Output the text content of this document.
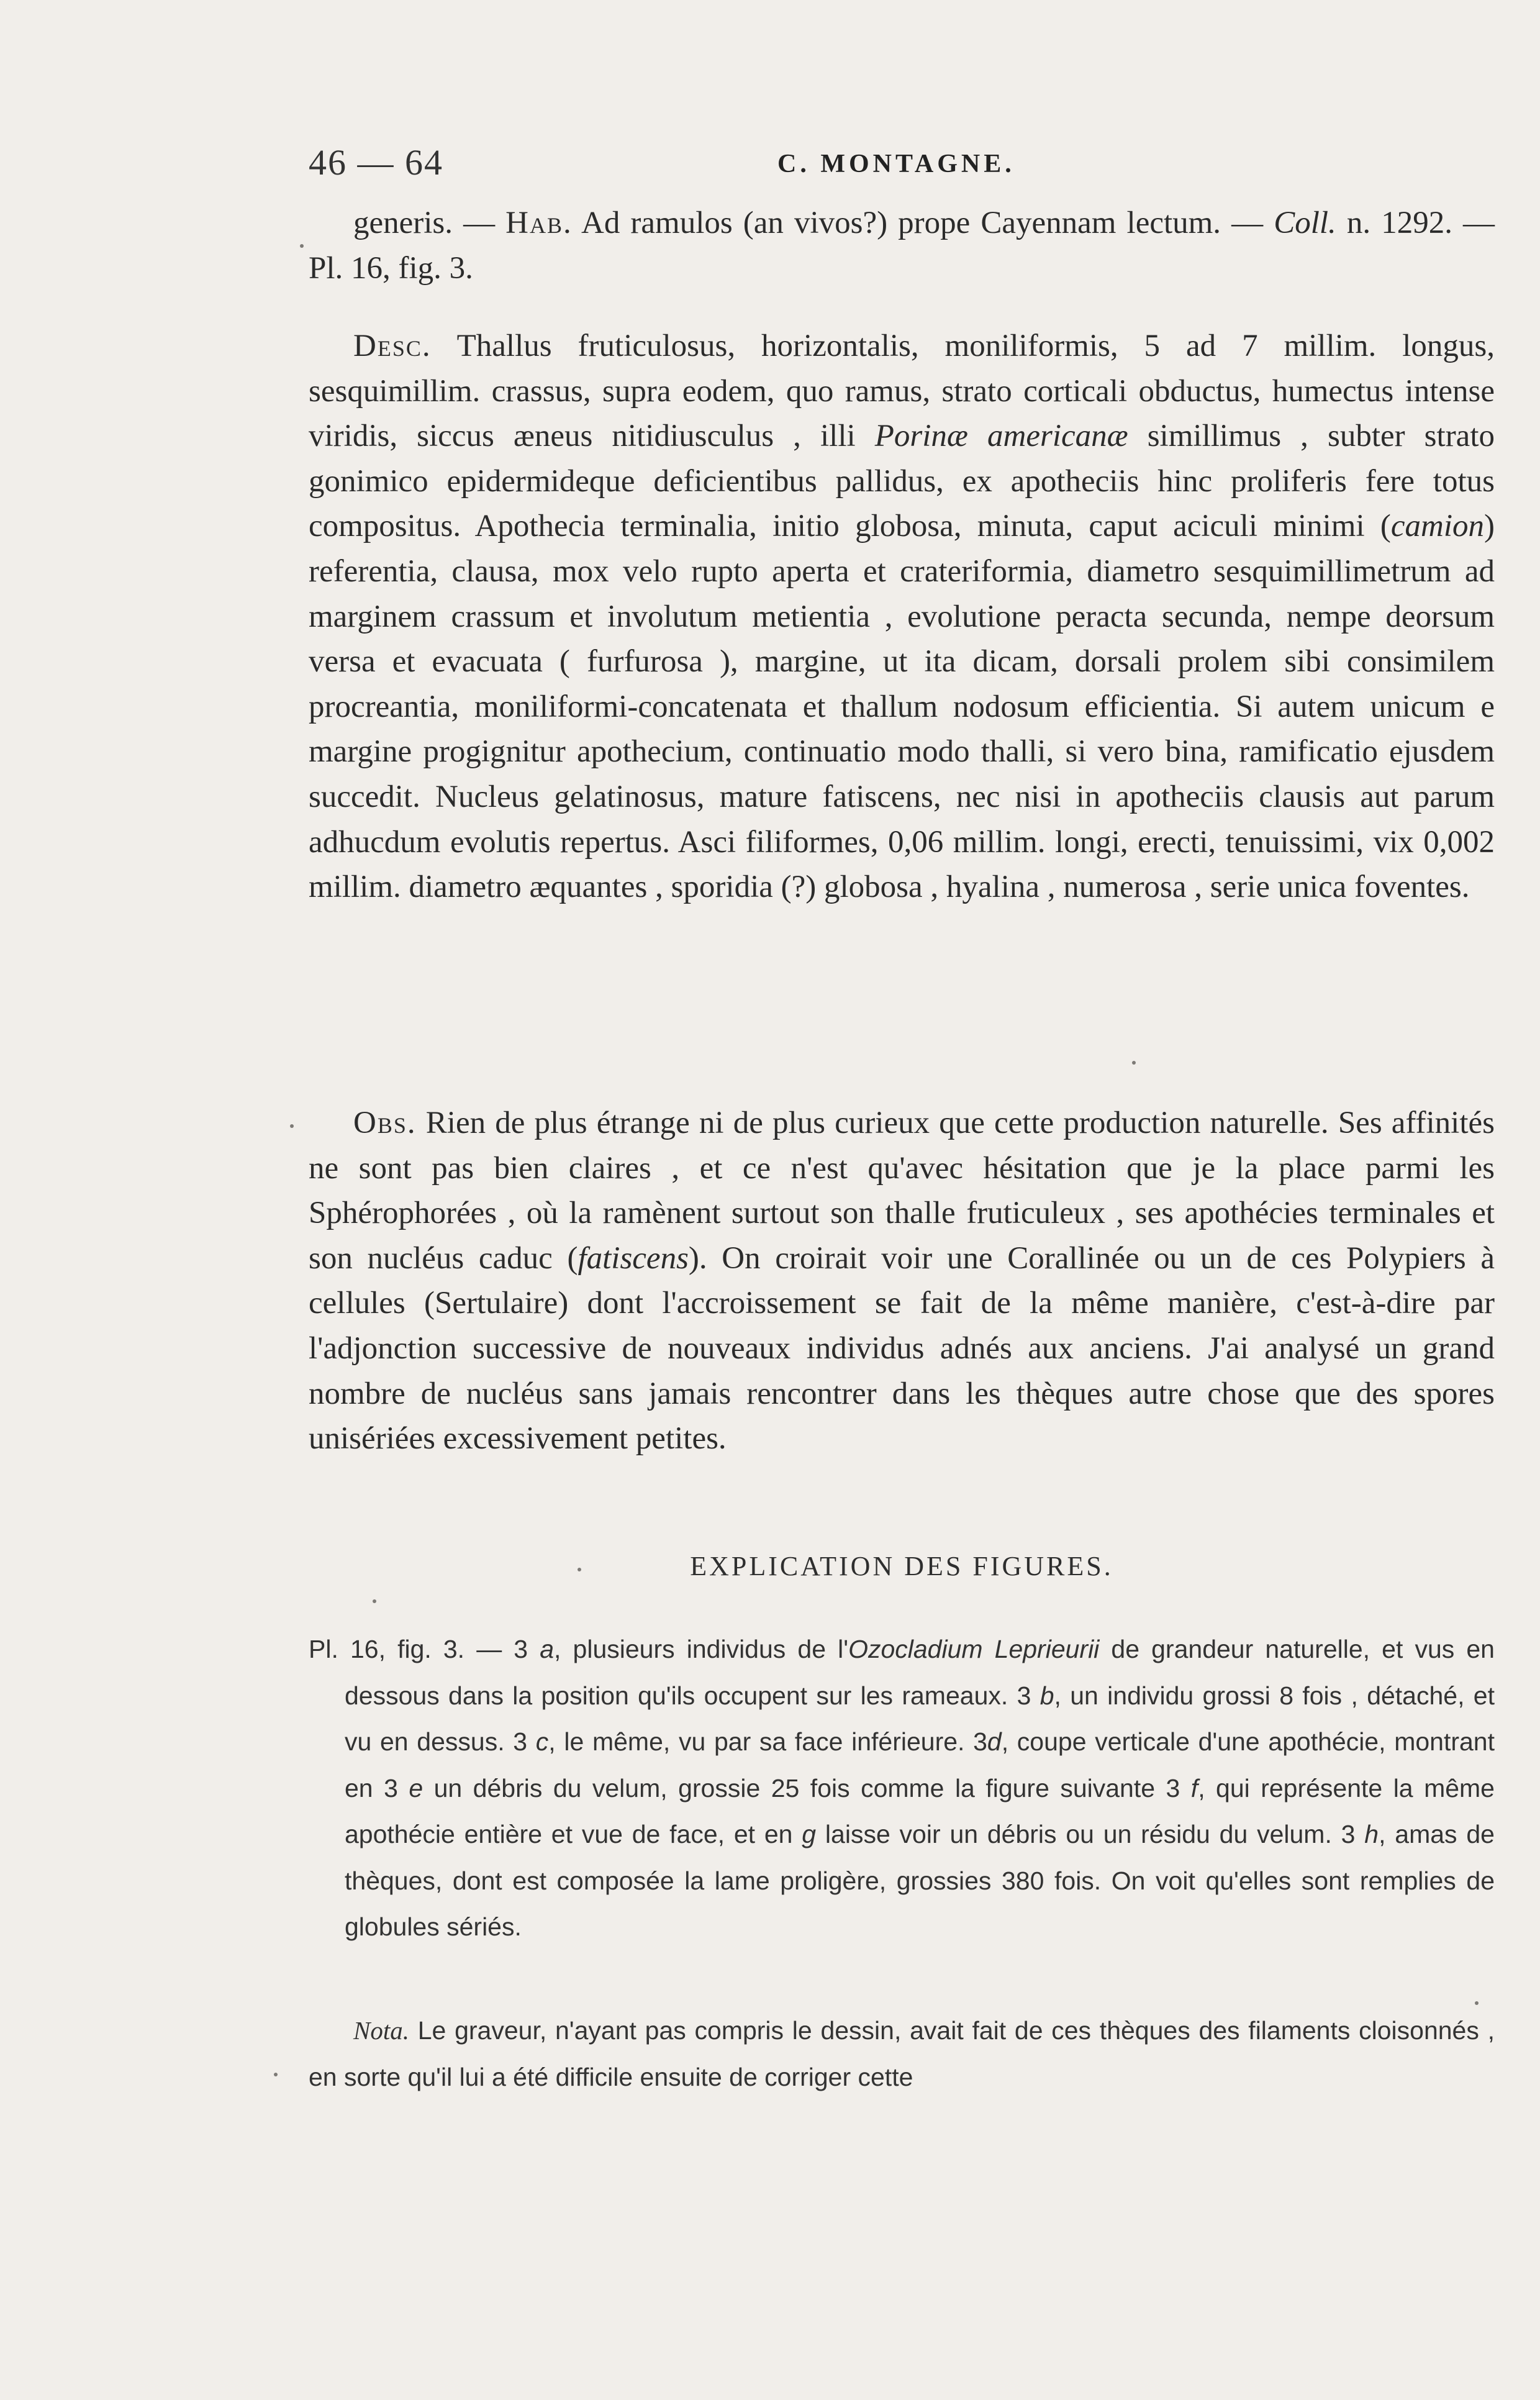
46 — 64	C. MONTAGNE.

generis. — Hab. Ad ramulos (an vivos?) prope Cayennam lectum. — Coll. n. 1292. — Pl. 16, fig. 3.

Desc. Thallus fruticulosus, horizontalis, moniliformis, 5 ad 7 millim. longus, sesquimillim. crassus, supra eodem, quo ramus, strato corticali obductus, humectus intense viridis, siccus æneus nitidiusculus , illi Porinæ americanæ simillimus , subter strato gonimico epidermideque deficientibus pallidus, ex apotheciis hinc proliferis fere totus compositus. Apothecia terminalia, initio globosa, minuta, caput aciculi minimi (camion) referentia, clausa, mox velo rupto aperta et crateriformia, diametro sesquimillimetrum ad marginem crassum et involutum metientia , evolutione peracta secunda, nempe deorsum versa et evacuata ( furfurosa ), margine, ut ita dicam, dorsali prolem sibi consimilem procreantia, moniliformi-concatenata et thallum nodosum efficientia. Si autem unicum e margine progignitur apothecium, continuatio modo thalli, si vero bina, ramificatio ejusdem succedit. Nucleus gelatinosus, mature fatiscens, nec nisi in apotheciis clausis aut parum adhucdum evolutis repertus. Asci filiformes, 0,06 millim. longi, erecti, tenuissimi, vix 0,002 millim. diametro æquantes , sporidia (?) globosa , hyalina , numerosa , serie unica foventes.

Obs. Rien de plus étrange ni de plus curieux que cette production naturelle. Ses affinités ne sont pas bien claires , et ce n'est qu'avec hésitation que je la place parmi les Sphérophorées , où la ramènent surtout son thalle fruticuleux , ses apothécies terminales et son nucléus caduc (fatiscens). On croirait voir une Corallinée ou un de ces Polypiers à cellules (Sertulaire) dont l'accroissement se fait de la même manière, c'est-à-dire par l'adjonction successive de nouveaux individus adnés aux anciens. J'ai analysé un grand nombre de nucléus sans jamais rencontrer dans les thèques autre chose que des spores unisériées excessivement petites.

EXPLICATION DES FIGURES.

Pl. 16, fig. 3. — 3 a, plusieurs individus de l'Ozocladium Leprieurii de grandeur naturelle, et vus en dessous dans la position qu'ils occupent sur les rameaux. 3 b, un individu grossi 8 fois , détaché, et vu en dessus. 3 c, le même, vu par sa face inférieure. 3d, coupe verticale d'une apothécie, montrant en 3 e un débris du velum, grossie 25 fois comme la figure suivante 3 f, qui représente la même apothécie entière et vue de face, et en g laisse voir un débris ou un résidu du velum. 3 h, amas de thèques, dont est composée la lame proligère, grossies 380 fois. On voit qu'elles sont remplies de globules sériés.

Nota. Le graveur, n'ayant pas compris le dessin, avait fait de ces thèques des filaments cloisonnés , en sorte qu'il lui a été difficile ensuite de corriger cette
